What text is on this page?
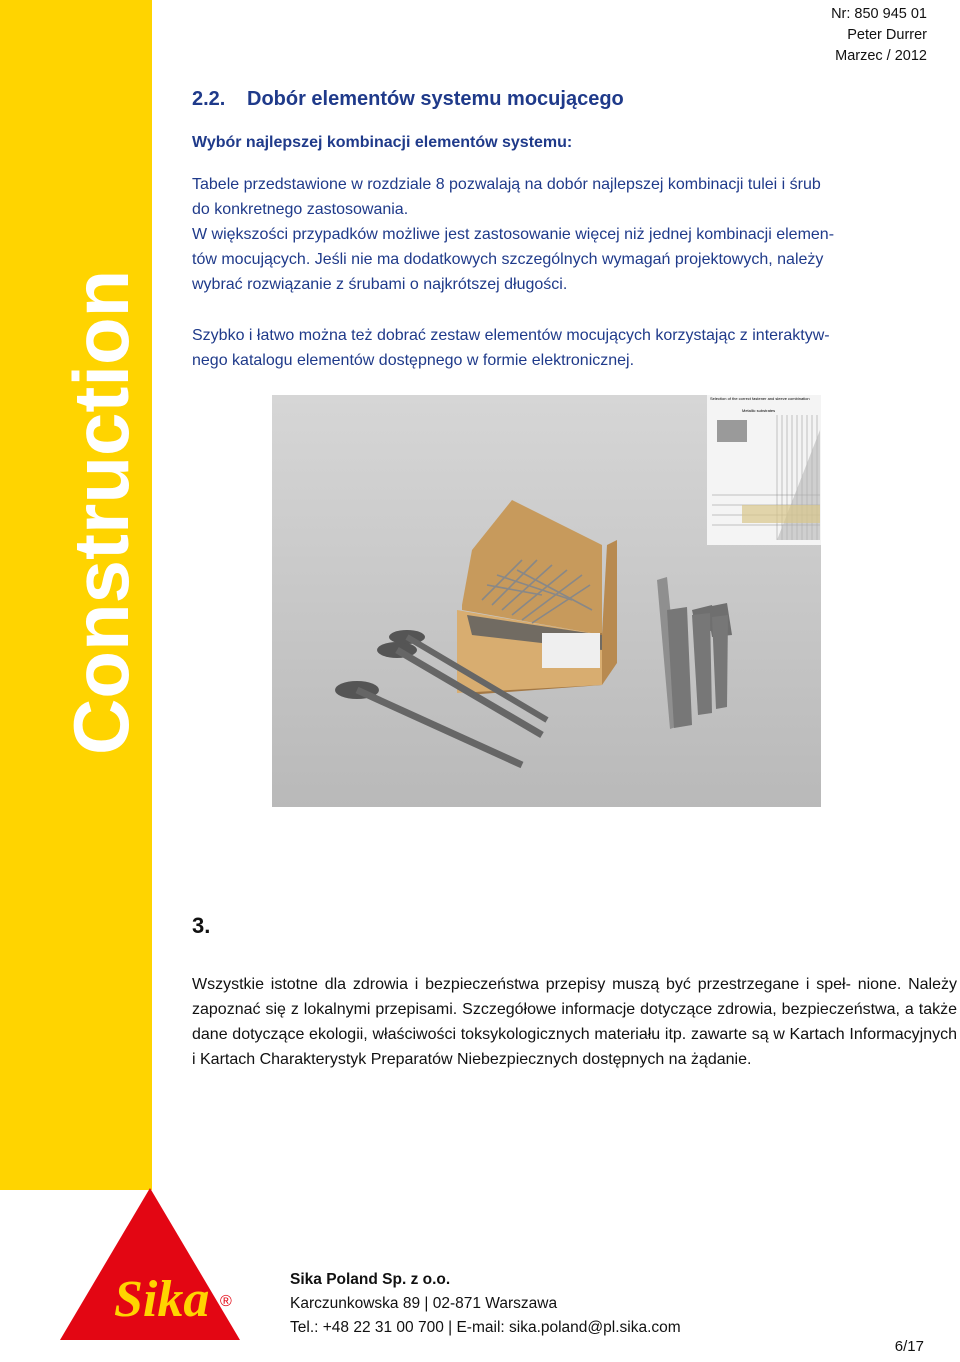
Construction
Nr: 850 945 01
Peter Durrer
Marzec / 2012
2.2. Dobór elementów systemu mocującego
Wybór najlepszej kombinacji elementów systemu:
Tabele przedstawione w rozdziale 8 pozwalają na dobór najlepszej kombinacji tulei i śrub
do konkretnego zastosowania.
W większości przypadków możliwe jest zastosowanie więcej niż jednej kombinacji elemen-
tów mocujących. Jeśli nie ma dodatkowych szczególnych wymagań projektowych, należy
wybrać rozwiązanie z śrubami o najkrótszej długości.
Szybko i łatwo można też dobrać zestaw elementów mocujących korzystając z interaktyw-
nego katalogu elementów dostępnego w formie elektronicznej.
Selection of the correct fastener and sleeve combination
Metallic substrates
3.
Wszystkie istotne dla zdrowia i bezpieczeństwa przepisy muszą być przestrzegane i speł- nione. Należy zapoznać się z lokalnymi przepisami. Szczegółowe informacje dotyczące zdrowia, bezpieczeństwa, a także dane dotyczące ekologii, właściwości toksykologicznych materiału itp. zawarte są w Kartach Informacyjnych i Kartach Charakterystyk Preparatów Niebezpiecznych dostępnych na żądanie.
Sika ®
Sika Poland Sp. z o.o.
Karczunkowska 89 | 02-871 Warszawa
Tel.: +48 22 31 00 700 | E-mail: sika.poland@pl.sika.com
6/17
